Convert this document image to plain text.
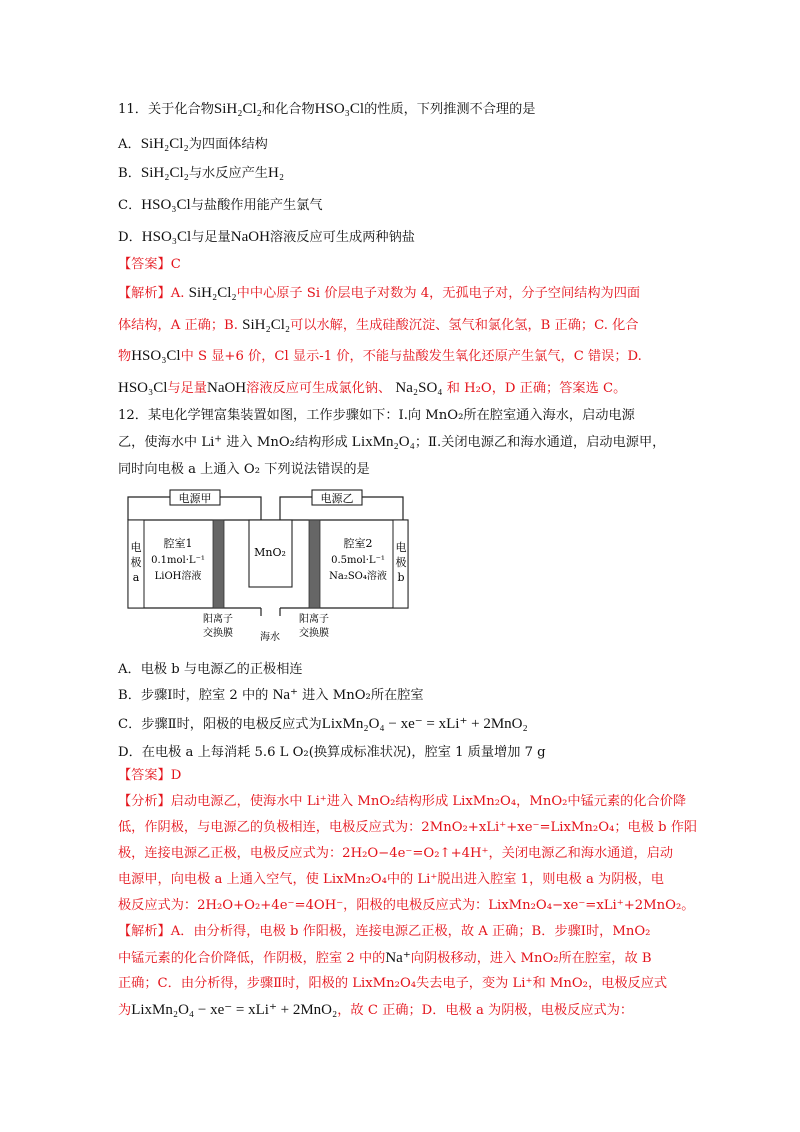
11．关于化合物SiH₂Cl₂和化合物HSO₃Cl的性质，下列推测不合理的是
A．SiH₂Cl₂为四面体结构
B．SiH₂Cl₂与水反应产生H₂
C．HSO₃Cl与盐酸作用能产生氯气
D．HSO₃Cl与足量NaOH溶液反应可生成两种钠盐
【答案】C
【解析】A. SiH₂Cl₂中中心原子 Si 价层电子对数为 4，无孤电子对，分子空间结构为四面
体结构，A 正确；B. SiH₂Cl₂可以水解，生成硅酸沉淀、氢气和氯化氢，B 正确；C. 化合
物HSO₃Cl中 S 显+6 价，Cl 显示-1 价，不能与盐酸发生氧化还原产生氯气，C 错误；D.
HSO₃Cl与足量NaOH溶液反应可生成氯化钠、 Na₂SO₄ 和 H₂O，D 正确；答案选 C。
12．某电化学锂富集装置如图，工作步骤如下：Ⅰ.向 MnO₂所在腔室通入海水，启动电源
乙，使海水中 Li+ 进入 MnO₂结构形成 LixMn₂O₄；Ⅱ.关闭电源乙和海水通道，启动电源甲，
同时向电极 a 上通入 O₂ 下列说法错误的是
电源甲	电源乙
电
极
a
腔室1
0.1mol·L⁻¹
LiOH溶液
MnO₂
腔室2
0.5mol·L⁻¹
Na₂SO₄溶液
电
极
b
阳离子
交换膜	海水
阳离子
交换膜
A．电极 b 与电源乙的正极相连
B．步骤Ⅰ时，腔室 2 中的 Na⁺ 进入 MnO₂所在腔室
C．步骤Ⅱ时，阳极的电极反应式为LixMn₂O₄ − xe⁻ = xLi⁺ + 2MnO₂
D．在电极 a 上每消耗 5.6 L O₂(换算成标准状况)，腔室 1 质量增加 7 g
【答案】D
【分析】启动电源乙，使海水中 Li⁺进入 MnO₂结构形成 LixMn₂O₄，MnO₂中锰元素的化合价降
低，作阴极，与电源乙的负极相连，电极反应式为：2MnO₂+xLi⁺+xe⁻=LixMn₂O₄；电极 b 作阳
极，连接电源乙正极，电极反应式为：2H₂O−4e⁻=O₂↑+4H⁺，关闭电源乙和海水通道，启动
电源甲，向电极 a 上通入空气，使 LixMn₂O₄中的 Li⁺脱出进入腔室 1，则电极 a 为阴极，电
极反应式为：2H₂O+O₂+4e⁻=4OH⁻，阳极的电极反应式为：LixMn₂O₄−xe⁻=xLi⁺+2MnO₂。
【解析】A．由分析得，电极 b 作阳极，连接电源乙正极，故 A 正确；B．步骤Ⅰ时，MnO₂
中锰元素的化合价降低，作阴极，腔室 2 中的Na⁺向阴极移动，进入 MnO₂所在腔室，故 B
正确；C．由分析得，步骤Ⅱ时，阳极的 LixMn₂O₄失去电子，变为 Li⁺和 MnO₂，电极反应式
为LixMn₂O₄ − xe⁻ = xLi⁺ + 2MnO₂，故 C 正确；D．电极 a 为阴极，电极反应式为：
